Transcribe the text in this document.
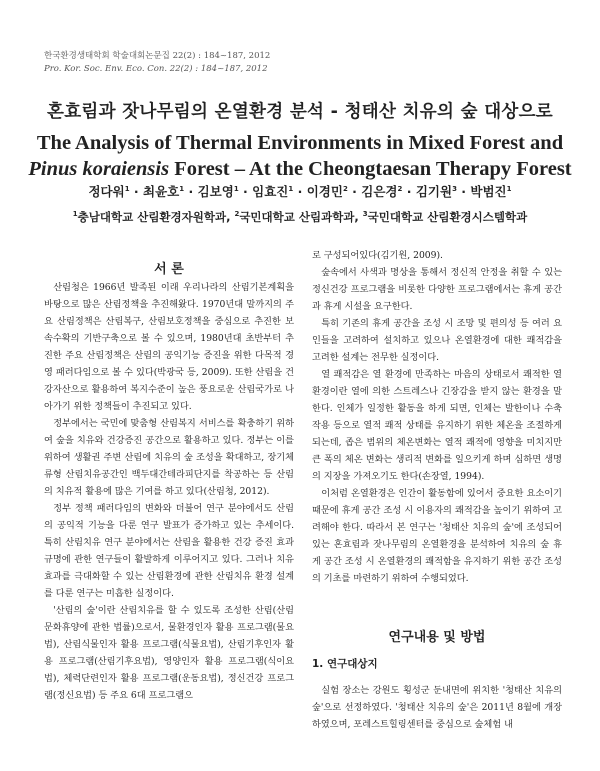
한국환경생태학회 학술대회논문집 22(2) : 184~187, 2012
Pro. Kor. Soc. Env. Eco. Con. 22(2) : 184~187, 2012
혼효림과 잣나무림의 온열환경 분석 - 청태산 치유의 숲 대상으로
The Analysis of Thermal Environments in Mixed Forest and
Pinus koraiensis Forest – At the Cheongtaesan Therapy Forest
정다워$^1$ · 최윤호$^1$ · 김보영$^1$ · 임효진$^1$ · 이경민$^2$ · 김은경$^2$ · 김기원$^3$ · 박범진$^1$
$^1$충남대학교 산림환경자원학과, $^2$국민대학교 산림과학과, $^3$국민대학교 산림환경시스템학과
서 론

산림청은 1966년 발족된 이래 우리나라의 산림기본계획을 바탕으로 많은 산림정책을 추진해왔다. 1970년대 말까지의 주요 산림정책은 산림복구, 산림보호정책을 중심으로 추진한 보속수확의 기반구축으로 볼 수 있으며, 1980년대 초반부터 추진한 주요 산림정책은 산림의 공익기능 증진을 위한 다목적 경영 패러다임으로 볼 수 있다(박광국 등, 2009). 또한 산림을 건강자산으로 활용하여 복지수준이 높은 풍요로운 산림국가로 나아가기 위한 정책들이 추진되고 있다.

정부에서는 국민에 맞춤형 산림복지 서비스를 확충하기 위하여 숲을 치유와 건강증진 공간으로 활용하고 있다. 정부는 이를 위하여 생활권 주변 산림에 치유의 숲 조성을 확대하고, 장기체류형 산림치유공간인 백두대간테라피단지를 착공하는 등 산림의 치유적 활용에 많은 기여를 하고 있다(산림청, 2012).

정부 정책 패러다임의 변화와 더불어 연구 분야에서도 산림의 공익적 기능을 다룬 연구 발표가 증가하고 있는 추세이다. 특히 산림치유 연구 분야에서는 산림을 활용한 건강 증진 효과 규명에 관한 연구들이 활발하게 이루어지고 있다. 그러나 치유효과를 극대화할 수 있는 산림환경에 관한 산림치유 환경 설계를 다룬 연구는 미흡한 실정이다.

'산림의 숲'이란 산림치유를 할 수 있도록 조성한 산림(산림문화휴양에 관한 법률)으로서, 물환경인자 활용 프로그램(물요법), 산림식물인자 활용 프로그램(식물요법), 산림기후인자 활용 프로그램(산림기후요법), 영양인자 활용 프로그램(식이요법), 체력단련인자 활용 프로그램(운동요법), 정신건강 프로그램(정신요법) 등 주요 6대 프로그램으

로 구성되어있다(김기원, 2009).

숲속에서 사색과 명상을 통해서 정신적 안정을 취할 수 있는 정신건강 프로그램을 비롯한 다양한 프로그램에서는 휴게 공간과 휴게 시설을 요구한다.

특히 기존의 휴게 공간을 조성 시 조망 및 편의성 등 여러 요인들을 고려하여 설치하고 있으나 온열환경에 대한 쾌적감을 고려한 설계는 전무한 실정이다.

열 쾌적감은 열 환경에 만족하는 마음의 상태로서 쾌적한 열 환경이란 열에 의한 스트레스나 긴장감을 받지 않는 환경을 말한다. 인체가 일정한 활동을 하게 되면, 인체는 발한이나 수축작용 등으로 열적 쾌적 상태를 유지하기 위한 체온을 조절하게 되는데, 좁은 범위의 체온변화는 열적 쾌적에 영향을 미치지만 큰 폭의 체온 변화는 생리적 변화를 일으키게 하며 심하면 생명의 지장을 가져오기도 한다(손장열, 1994).

이처럼 온열환경은 인간이 활동함에 있어서 중요한 요소이기 때문에 휴게 공간 조성 시 이용자의 쾌적감을 높이기 위하여 고려해야 한다. 따라서 본 연구는 '청태산 치유의 숲'에 조성되어 있는 혼효림과 잣나무림의 온열환경을 분석하여 치유의 숲 휴게 공간 조성 시 온열환경의 쾌적함을 유지하기 위한 공간 조성의 기초를 마련하기 위하여 수행되었다.

연구내용 및 방법
1. 연구대상지

실험 장소는 강원도 횡성군 둔내면에 위치한 '청태산 치유의 숲'으로 선정하였다. '청태산 치유의 숲'은 2011년 8월에 개장하였으며, 포레스트힐링센터를 중심으로 숲체험 내
